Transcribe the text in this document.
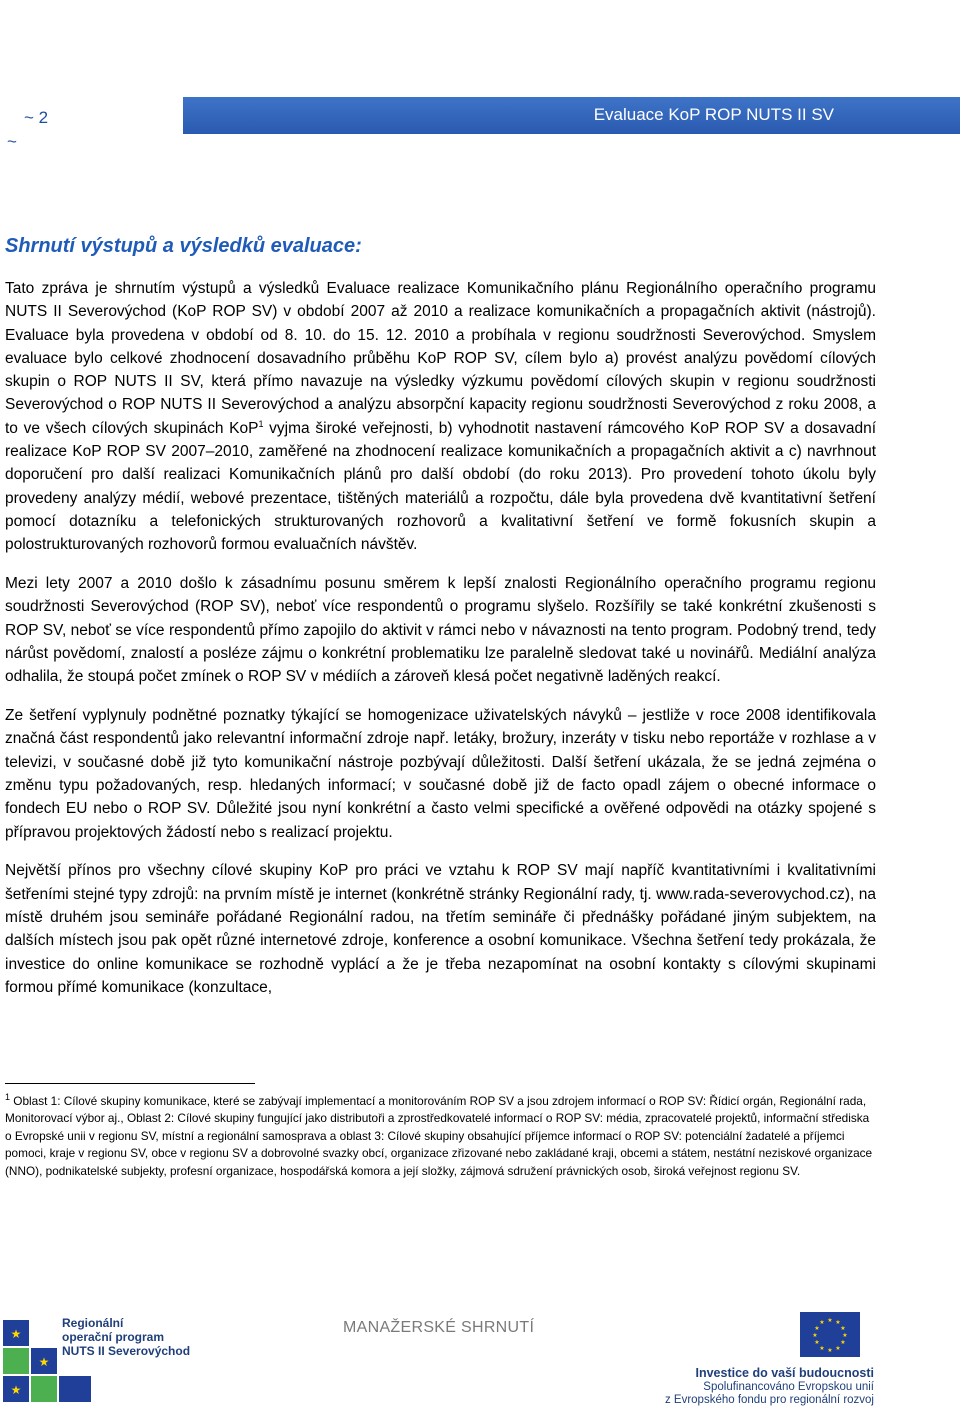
Evaluace KoP ROP NUTS II SV
~ 2
~
Shrnutí výstupů a výsledků evaluace:

Tato zpráva je shrnutím výstupů a výsledků Evaluace realizace Komunikačního plánu Regionálního operačního programu NUTS II Severovýchod (KoP ROP SV) v období 2007 až 2010 a realizace komunikačních a propagačních aktivit (nástrojů). Evaluace byla provedena v období od 8. 10. do 15. 12. 2010 a probíhala v regionu soudržnosti Severovýchod. Smyslem evaluace bylo celkové zhodnocení dosavadního průběhu KoP ROP SV, cílem bylo a) provést analýzu povědomí cílových skupin o ROP NUTS II SV, která přímo navazuje na výsledky výzkumu povědomí cílových skupin v regionu soudržnosti Severovýchod o ROP NUTS II Severovýchod a analýzu absorpční kapacity regionu soudržnosti Severovýchod z roku 2008, a to ve všech cílových skupinách KoP$^1$ vyjma široké veřejnosti, b) vyhodnotit nastavení rámcového KoP ROP SV a dosavadní realizace KoP ROP SV 2007–2010, zaměřené na zhodnocení realizace komunikačních a propagačních aktivit a c) navrhnout doporučení pro další realizaci Komunikačních plánů pro další období (do roku 2013). Pro provedení tohoto úkolu byly provedeny analýzy médií, webové prezentace, tištěných materiálů a rozpočtu, dále byla provedena dvě kvantitativní šetření pomocí dotazníku a telefonických strukturovaných rozhovorů a kvalitativní šetření ve formě fokusních skupin a polostrukturovaných rozhovorů formou evaluačních návštěv.

Mezi lety 2007 a 2010 došlo k zásadnímu posunu směrem k lepší znalosti Regionálního operačního programu regionu soudržnosti Severovýchod (ROP SV), neboť více respondentů o programu slyšelo. Rozšířily se také konkrétní zkušenosti s ROP SV, neboť se více respondentů přímo zapojilo do aktivit v rámci nebo v návaznosti na tento program. Podobný trend, tedy nárůst povědomí, znalostí a posléze zájmu o konkrétní problematiku lze paralelně sledovat také u novinářů. Mediální analýza odhalila, že stoupá počet zmínek o ROP SV v médiích a zároveň klesá počet negativně laděných reakcí.

Ze šetření vyplynuly podnětné poznatky týkající se homogenizace uživatelských návyků – jestliže v roce 2008 identifikovala značná část respondentů jako relevantní informační zdroje např. letáky, brožury, inzeráty v tisku nebo reportáže v rozhlase a v televizi, v současné době již tyto komunikační nástroje pozbývají důležitosti. Další šetření ukázala, že se jedná zejména o změnu typu požadovaných, resp. hledaných informací; v současné době již de facto opadl zájem o obecné informace o fondech EU nebo o ROP SV. Důležité jsou nyní konkrétní a často velmi specifické a ověřené odpovědi na otázky spojené s přípravou projektových žádostí nebo s realizací projektu.

Největší přínos pro všechny cílové skupiny KoP pro práci ve vztahu k ROP SV mají napříč kvantitativními i kvalitativními šetřeními stejné typy zdrojů: na prvním místě je internet (konkrétně stránky Regionální rady, tj. www.rada-severovychod.cz), na místě druhém jsou semináře pořádané Regionální radou, na třetím semináře či přednášky pořádané jiným subjektem, na dalších místech jsou pak opět různé internetové zdroje, konference a osobní komunikace. Všechna šetření tedy prokázala, že investice do online komunikace se rozhodně vyplácí a že je třeba nezapomínat na osobní kontakty s cílovými skupinami formou přímé komunikace (konzultace,

$^1$ Oblast 1: Cílové skupiny komunikace, které se zabývají implementací a monitorováním ROP SV a jsou zdrojem informací o ROP SV: Řídicí orgán, Regionální rada, Monitorovací výbor aj., Oblast 2: Cílové skupiny fungující jako distributoři a zprostředkovatelé informací o ROP SV: média, zpracovatelé projektů, informační střediska o Evropské unii v regionu SV, místní a regionální samosprava a oblast 3: Cílové skupiny obsahující příjemce informací o ROP SV: potenciální žadatelé a příjemci pomoci, kraje v regionu SV, obce v regionu SV a dobrovolné svazky obcí, organizace zřizované nebo zakládané kraji, obcemi a státem, nestátní neziskové organizace (NNO), podnikatelské subjekty, profesní organizace, hospodářská komora a její složky, zájmová sdružení právnických osob, široká veřejnost regionu SV.
★
★
★
Regionální
operační program
NUTS II Severovýchod
MANAŽERSKÉ SHRNUTÍ	★ ★
★
★
★
★
★
★
★
★
★
★
Investice do vaší budoucnosti
Spolufinancováno Evropskou unií
z Evropského fondu pro regionální rozvoj
